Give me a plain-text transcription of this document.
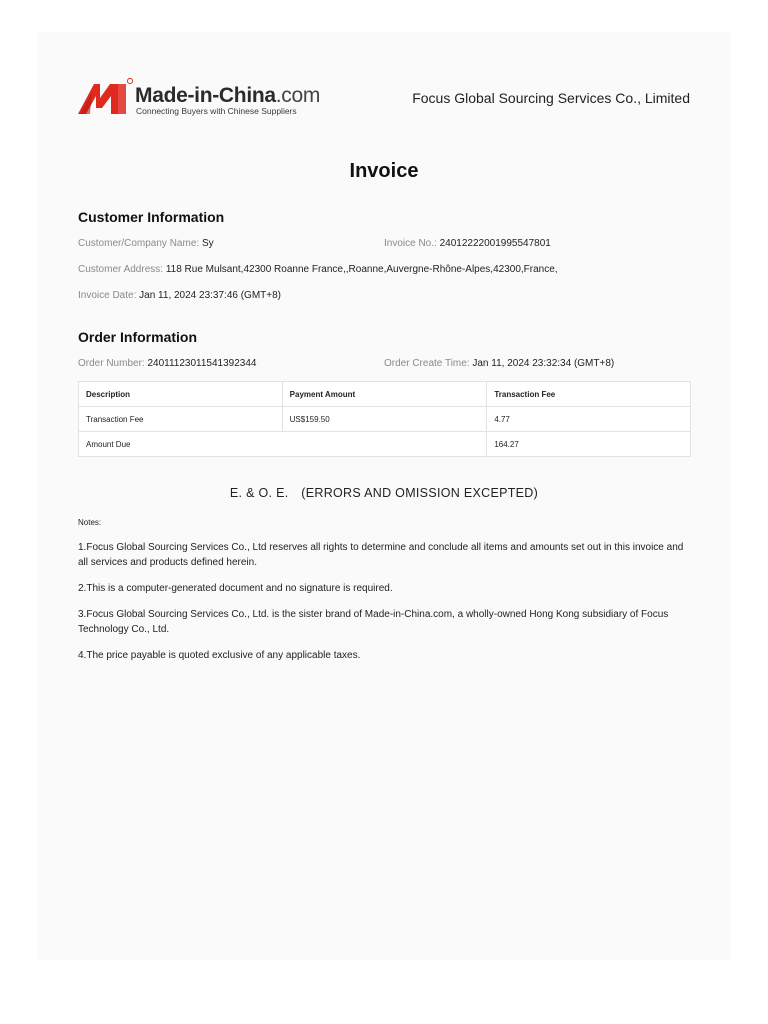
Made-in-China.com
Connecting Buyers with Chinese Suppliers
Focus Global Sourcing Services Co., Limited
Invoice
Customer Information
Customer/Company Name: Sy	Invoice No.: 24012222001995547801
Customer Address: 118 Rue Mulsant,42300 Roanne France,,Roanne,Auvergne-Rhône-Alpes,42300,France,
Invoice Date: Jan 11, 2024 23:37:46 (GMT+8)
Order Information
Order Number: 24011123011541392344	Order Create Time: Jan 11, 2024 23:32:34 (GMT+8)
Description	Payment Amount	Transaction Fee
Transaction Fee	US$159.50	4.77
Amount Due		164.27
E. & O. E.　(ERRORS AND OMISSION EXCEPTED)
Notes:
1.Focus Global Sourcing Services Co., Ltd reserves all rights to determine and conclude all items and amounts set out in this invoice and all services and products defined herein.
2.This is a computer-generated document and no signature is required.
3.Focus Global Sourcing Services Co., Ltd. is the sister brand of Made-in-China.com, a wholly-owned Hong Kong subsidiary of Focus Technology Co., Ltd.
4.The price payable is quoted exclusive of any applicable taxes.
